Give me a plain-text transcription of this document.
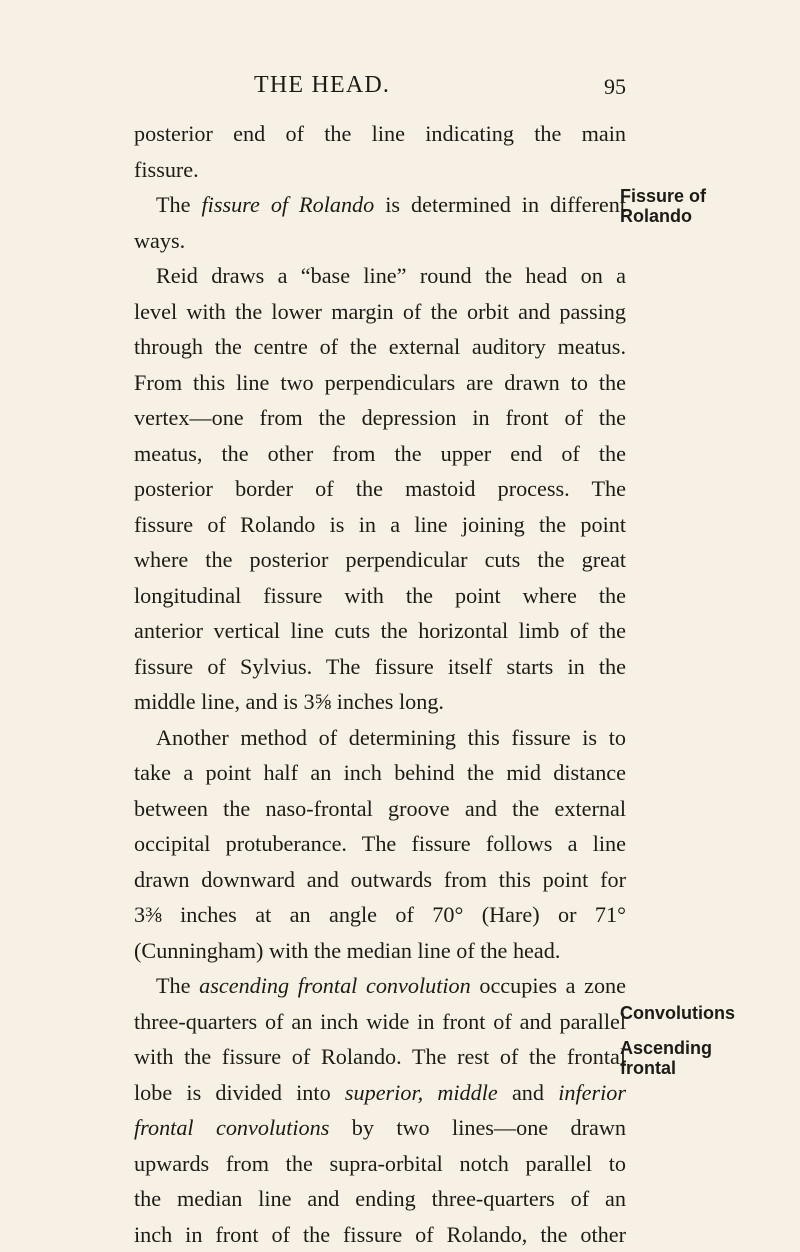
THE HEAD.	95
Fissure of
Rolando
Convolutions
Ascending
frontal
posterior end of the line indicating the main
fissure.
The fissure of Rolando is determined in different
ways.
Reid draws a “base line” round the head on a
level with the lower margin of the orbit and passing
through the centre of the external auditory meatus.
From this line two perpendiculars are drawn to the
vertex—one from the depression in front of the
meatus, the other from the upper end of the
posterior border of the mastoid process. The
fissure of Rolando is in a line joining the point
where the posterior perpendicular cuts the great
longitudinal fissure with the point where the
anterior vertical line cuts the horizontal limb of the
fissure of Sylvius. The fissure itself starts in the
middle line, and is 3⅝ inches long.
Another method of determining this fissure is to
take a point half an inch behind the mid distance
between the naso-frontal groove and the external
occipital protuberance. The fissure follows a line
drawn downward and outwards from this point for
3⅜ inches at an angle of 70° (Hare) or 71°
(Cunningham) with the median line of the head.
The ascending frontal convolution occupies a zone
three-quarters of an inch wide in front of and parallel
with the fissure of Rolando. The rest of the frontal
lobe is divided into superior, middle and inferior
frontal convolutions by two lines—one drawn
upwards from the supra-orbital notch parallel to
the median line and ending three-quarters of an
inch in front of the fissure of Rolando, the other
